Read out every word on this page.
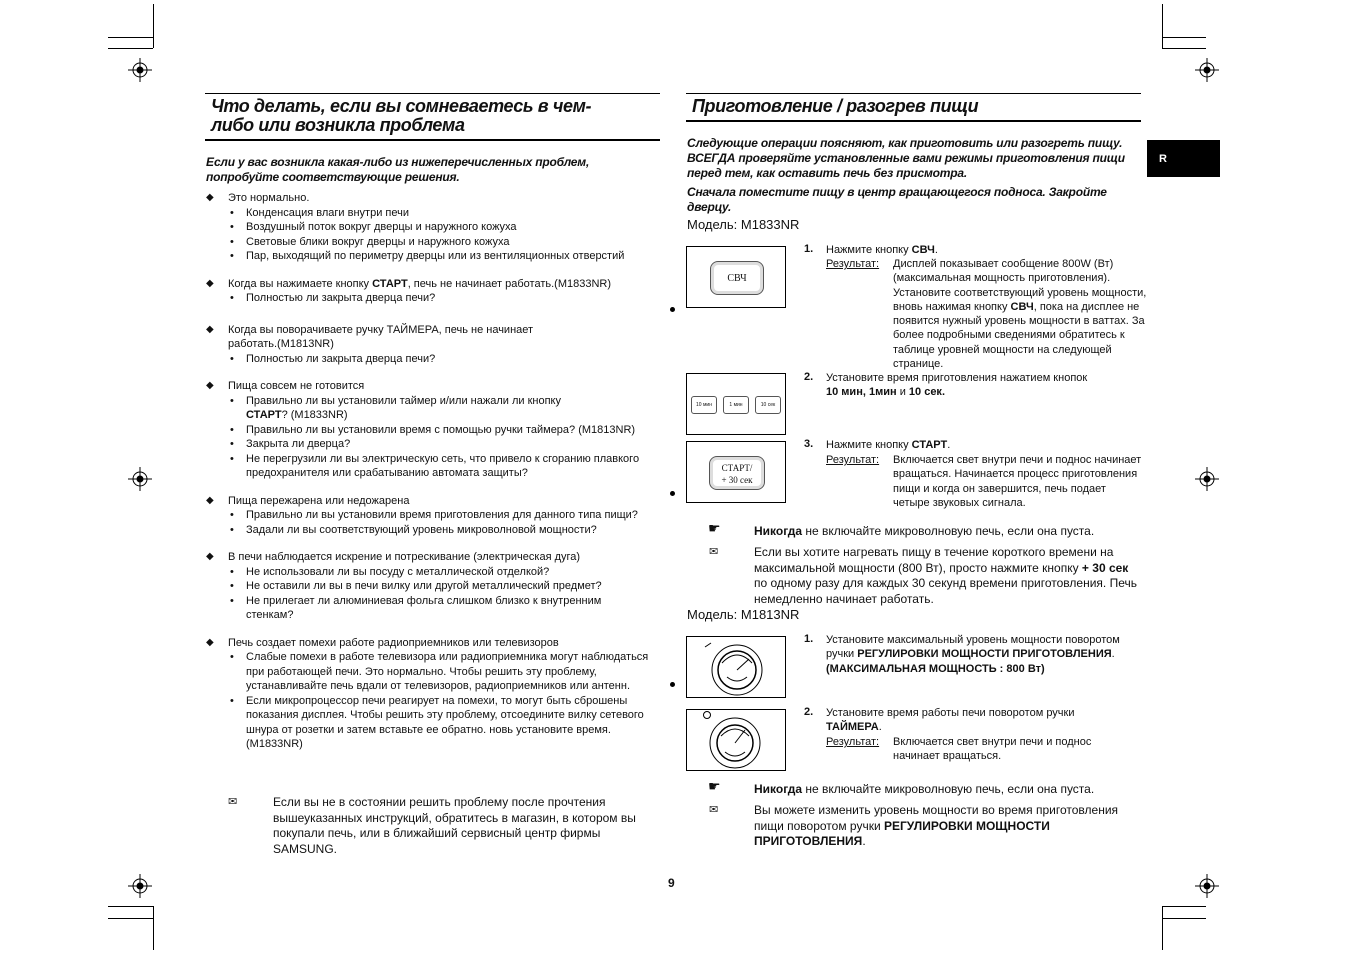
Что делать, если вы сомневаетесь в чем-либо или возникла проблема
Если у вас возникла какая-либо из нижеперечисленных проблем, попробуйте соответствующие решения.
◆ Это нормально.
• Конденсация влаги внутри печи
• Воздушный поток вокруг дверцы и наружного кожуха
• Световые блики вокруг дверцы и наружного кожуха
• Пар, выходящий по периметру дверцы или из вентиляционных отверстий
◆ Когда вы нажимаете кнопку СТАРТ, печь не начинает работать.(M1833NR)
• Полностью ли закрыта дверца печи?
◆ Когда вы поворачиваете ручку ТАЙМЕРА, печь не начинает работать.(M1813NR)
• Полностью ли закрыта дверца печи?
◆ Пища совсем не готовится
• Правильно ли вы установили таймер и/или нажали ли кнопку СТАРТ? (M1833NR)
• Правильно ли вы установили время с помощью ручки таймера? (M1813NR)
• Закрыта ли дверца?
• Не перегрузили ли вы электрическую сеть, что привело к сгоранию плавкого предохранителя или срабатыванию автомата защиты?
◆ Пища пережарена или недожарена
• Правильно ли вы установили время приготовления для данного типа пищи?
• Задали ли вы соответствующий уровень микроволновой мощности?
◆ В печи наблюдается искрение и потрескивание (электрическая дуга)
• Не использовали ли вы посуду с металлической отделкой?
• Не оставили ли вы в печи вилку или другой металлический предмет?
• Не прилегает ли алюминиевая фольга слишком близко к внутренним стенкам?
◆ Печь создает помехи работе радиоприемников или телевизоров
• Слабые помехи в работе телевизора или радиоприемника могут наблюдаться при работающей печи. Это нормально. Чтобы решить эту проблему, устанавливайте печь вдали от телевизоров, радиоприемников или антенн.
• Если микропроцессор печи реагирует на помехи, то могут быть сброшены показания дисплея. Чтобы решить эту проблему, отсоедините вилку сетевого шнура от розетки и затем вставьте ее обратно. новь установите время.(M1833NR)
✉	Если вы не в состоянии решить проблему после прочтения вышеуказанных инструкций, обратитесь в магазин, в котором вы покупали печь, или в ближайший сервисный центр фирмы SAMSUNG.
9
Приготовление / разогрев пищи
R
Следующие операции поясняют, как приготовить или разогреть пищу. ВСЕГДА проверяйте установленные вами режимы приготовления пищи перед тем, как оставить печь без присмотра.
Сначала поместите пищу в центр вращающегося подноса. Закройте дверцу.
Модель: M1833NR
СВЧ
1. Нажмите кнопку СВЧ.
Результат: Дисплей показывает сообщение 800W (Вт) (максимальная мощность приготовления). Установите соответствующий уровень мощности, вновь нажимая кнопку СВЧ, пока на дисплее не появится нужный уровень мощности в ваттах. За более подробными сведениями обратитесь к таблице уровней мощности на следующей странице.
10 мин	1 мин	10 сек
2. Установите время приготовления нажатием кнопок
10 мин, 1мин и 10 сек.
СТАРТ/
+ 30 сек
3. Нажмите кнопку СТАРТ.
Результат: Включается свет внутри печи и поднос начинает вращаться. Начинается процесс приготовления пищи и когда он завершится, печь подает четыре звуковых сигнала.
☛	Никогда не включайте микроволновую печь, если она пуста.
✉	Если вы хотите нагревать пищу в течение короткого времени на максимальной мощности (800 Вт), просто нажмите кнопку + 30 сек по одному разу для каждых 30 секунд времени приготовления. Печь немедленно начинает работать.
Модель: M1813NR
1. Установите максимальный уровень мощности поворотом ручки РЕГУЛИРОВКИ МОЩНОСТИ ПРИГОТОВЛЕНИЯ.
(МАКСИМАЛЬНАЯ МОЩНОСТЬ : 800 Вт)
2. Установите время работы печи поворотом ручки
ТАЙМЕРА.
Результат: Включается свет внутри печи и поднос начинает вращаться.
☛	Никогда не включайте микроволновую печь, если она пуста.
✉	Вы можете изменить уровень мощности во время приготовления пищи поворотом ручки РЕГУЛИРОВКИ МОЩНОСТИ ПРИГОТОВЛЕНИЯ.
